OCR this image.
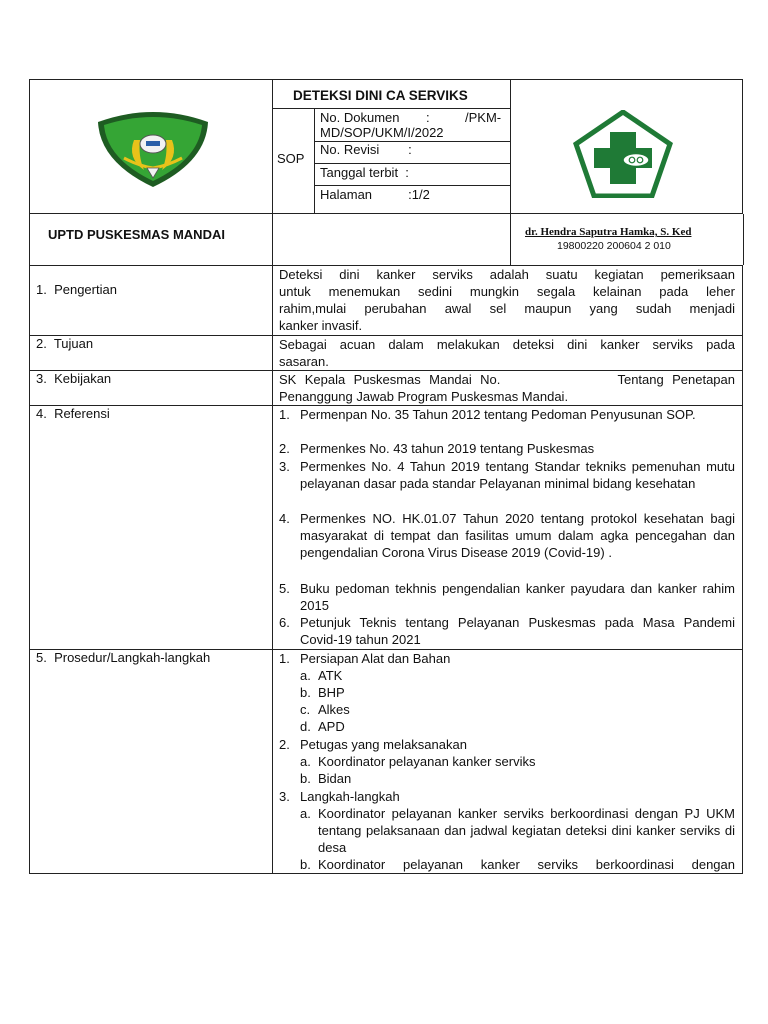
DETEKSI DINI CA SERVIKS
SOP
No. Dokumen :	/PKM-
MD/SOP/UKM/I/2022
No. Revisi        :
Tanggal terbit  :
Halaman          :1/2
UPTD PUSKESMAS MANDAI	dr. Hendra Saputra Hamka, S. Ked
19800220 200604 2 010
1.  Pengertian
2.  Tujuan
3.  Kebijakan
4.  Referensi
5.  Prosedur/Langkah-langkah
Deteksi dini kanker serviks adalah suatu kegiatan pemeriksaan
untuk menemukan sedini mungkin segala kelainan pada leher
rahim,mulai perubahan awal sel maupun yang sudah menjadi
kanker invasif.
Sebagai acuan dalam melakukan deteksi dini kanker serviks pada
sasaran.
SK Kepala Puskesmas Mandai No.              Tentang Penetapan
Penanggung Jawab Program Puskesmas Mandai.
1. Permenpan No. 35 Tahun 2012 tentang Pedoman Penyusunan SOP.
2. Permenkes No. 43 tahun 2019 tentang Puskesmas
3. Permenkes No. 4 Tahun 2019 tentang Standar tekniks pemenuhan mutu pelayanan dasar pada standar Pelayanan minimal bidang kesehatan
4. Permenkes NO. HK.01.07 Tahun 2020 tentang protokol kesehatan bagi masyarakat di tempat dan fasilitas umum dalam agka pencegahan dan pengendalian Corona Virus Disease 2019 (Covid-19) .
5. Buku pedoman tekhnis pengendalian kanker payudara dan kanker rahim 2015
6. Petunjuk Teknis tentang Pelayanan Puskesmas pada Masa Pandemi Covid-19 tahun 2021
1. Persiapan Alat dan Bahan
a. ATK
b. BHP
c. Alkes
d. APD
2. Petugas yang melaksanakan
a. Koordinator pelayanan kanker serviks
b. Bidan
3. Langkah-langkah
a. Koordinator pelayanan kanker serviks berkoordinasi dengan PJ UKM tentang pelaksanaan dan jadwal kegiatan deteksi dini kanker serviks di desa
b. Koordinator pelayanan kanker serviks berkoordinasi dengan
